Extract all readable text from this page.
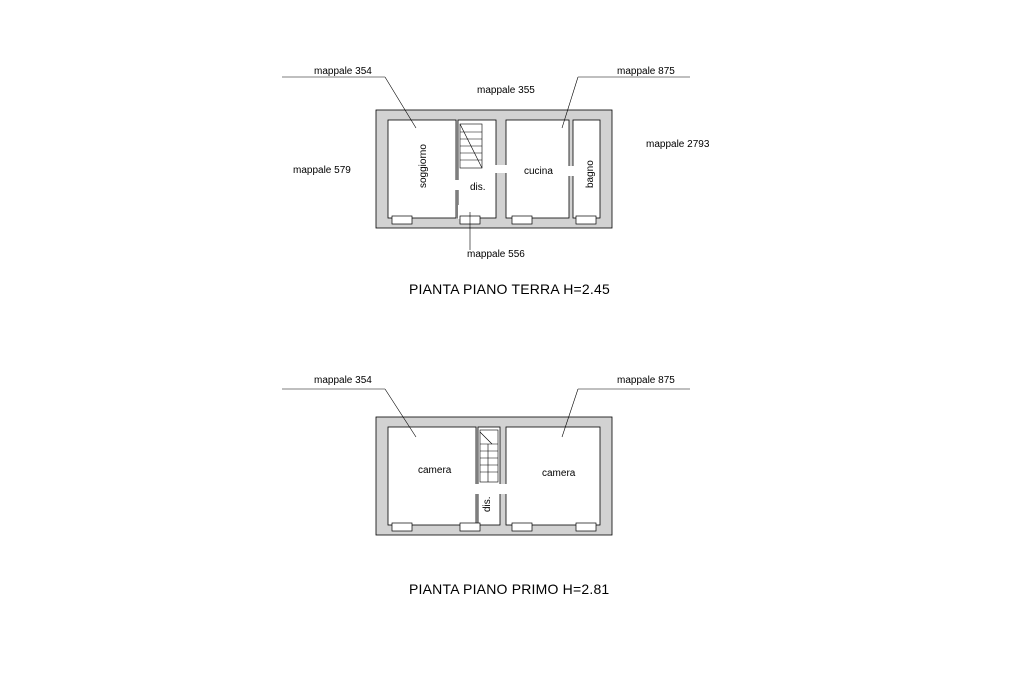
mappale 354
mappale 355
mappale 875
mappale 579
mappale 2793
mappale 556
soggiorno	dis.
cucina	bagno
PIANTA PIANO TERRA H=2.45
mappale 354	mappale 875
camera
dis.
camera
PIANTA PIANO PRIMO H=2.81
